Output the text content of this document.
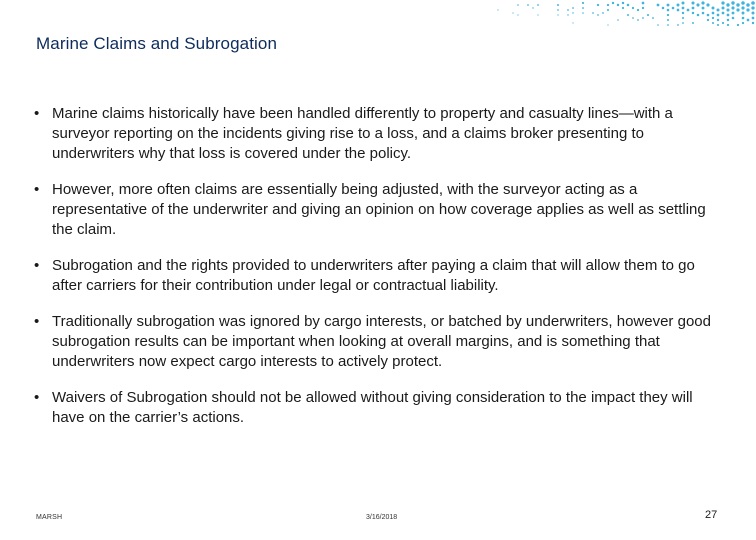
Marine Claims and Subrogation
• Marine claims historically have been handled differently to property and casualty lines—with a surveyor reporting on the incidents giving rise to a loss, and a claims broker presenting to underwriters why that loss is covered under the policy.
• However, more often claims are essentially being adjusted, with the surveyor acting as a representative of the underwriter and giving an opinion on how coverage applies as well as settling the claim.
• Subrogation and the rights provided to underwriters after paying a claim that will allow them to go after carriers for their contribution under legal or contractual liability.
• Traditionally subrogation was ignored by cargo interests, or batched by underwriters, however good subrogation results can be important when looking at overall margins, and is something that underwriters now expect cargo interests to actively protect.
• Waivers of Subrogation should not be allowed without giving consideration to the impact they will have on the carrier’s actions.
MARSH	3/16/2018	27
